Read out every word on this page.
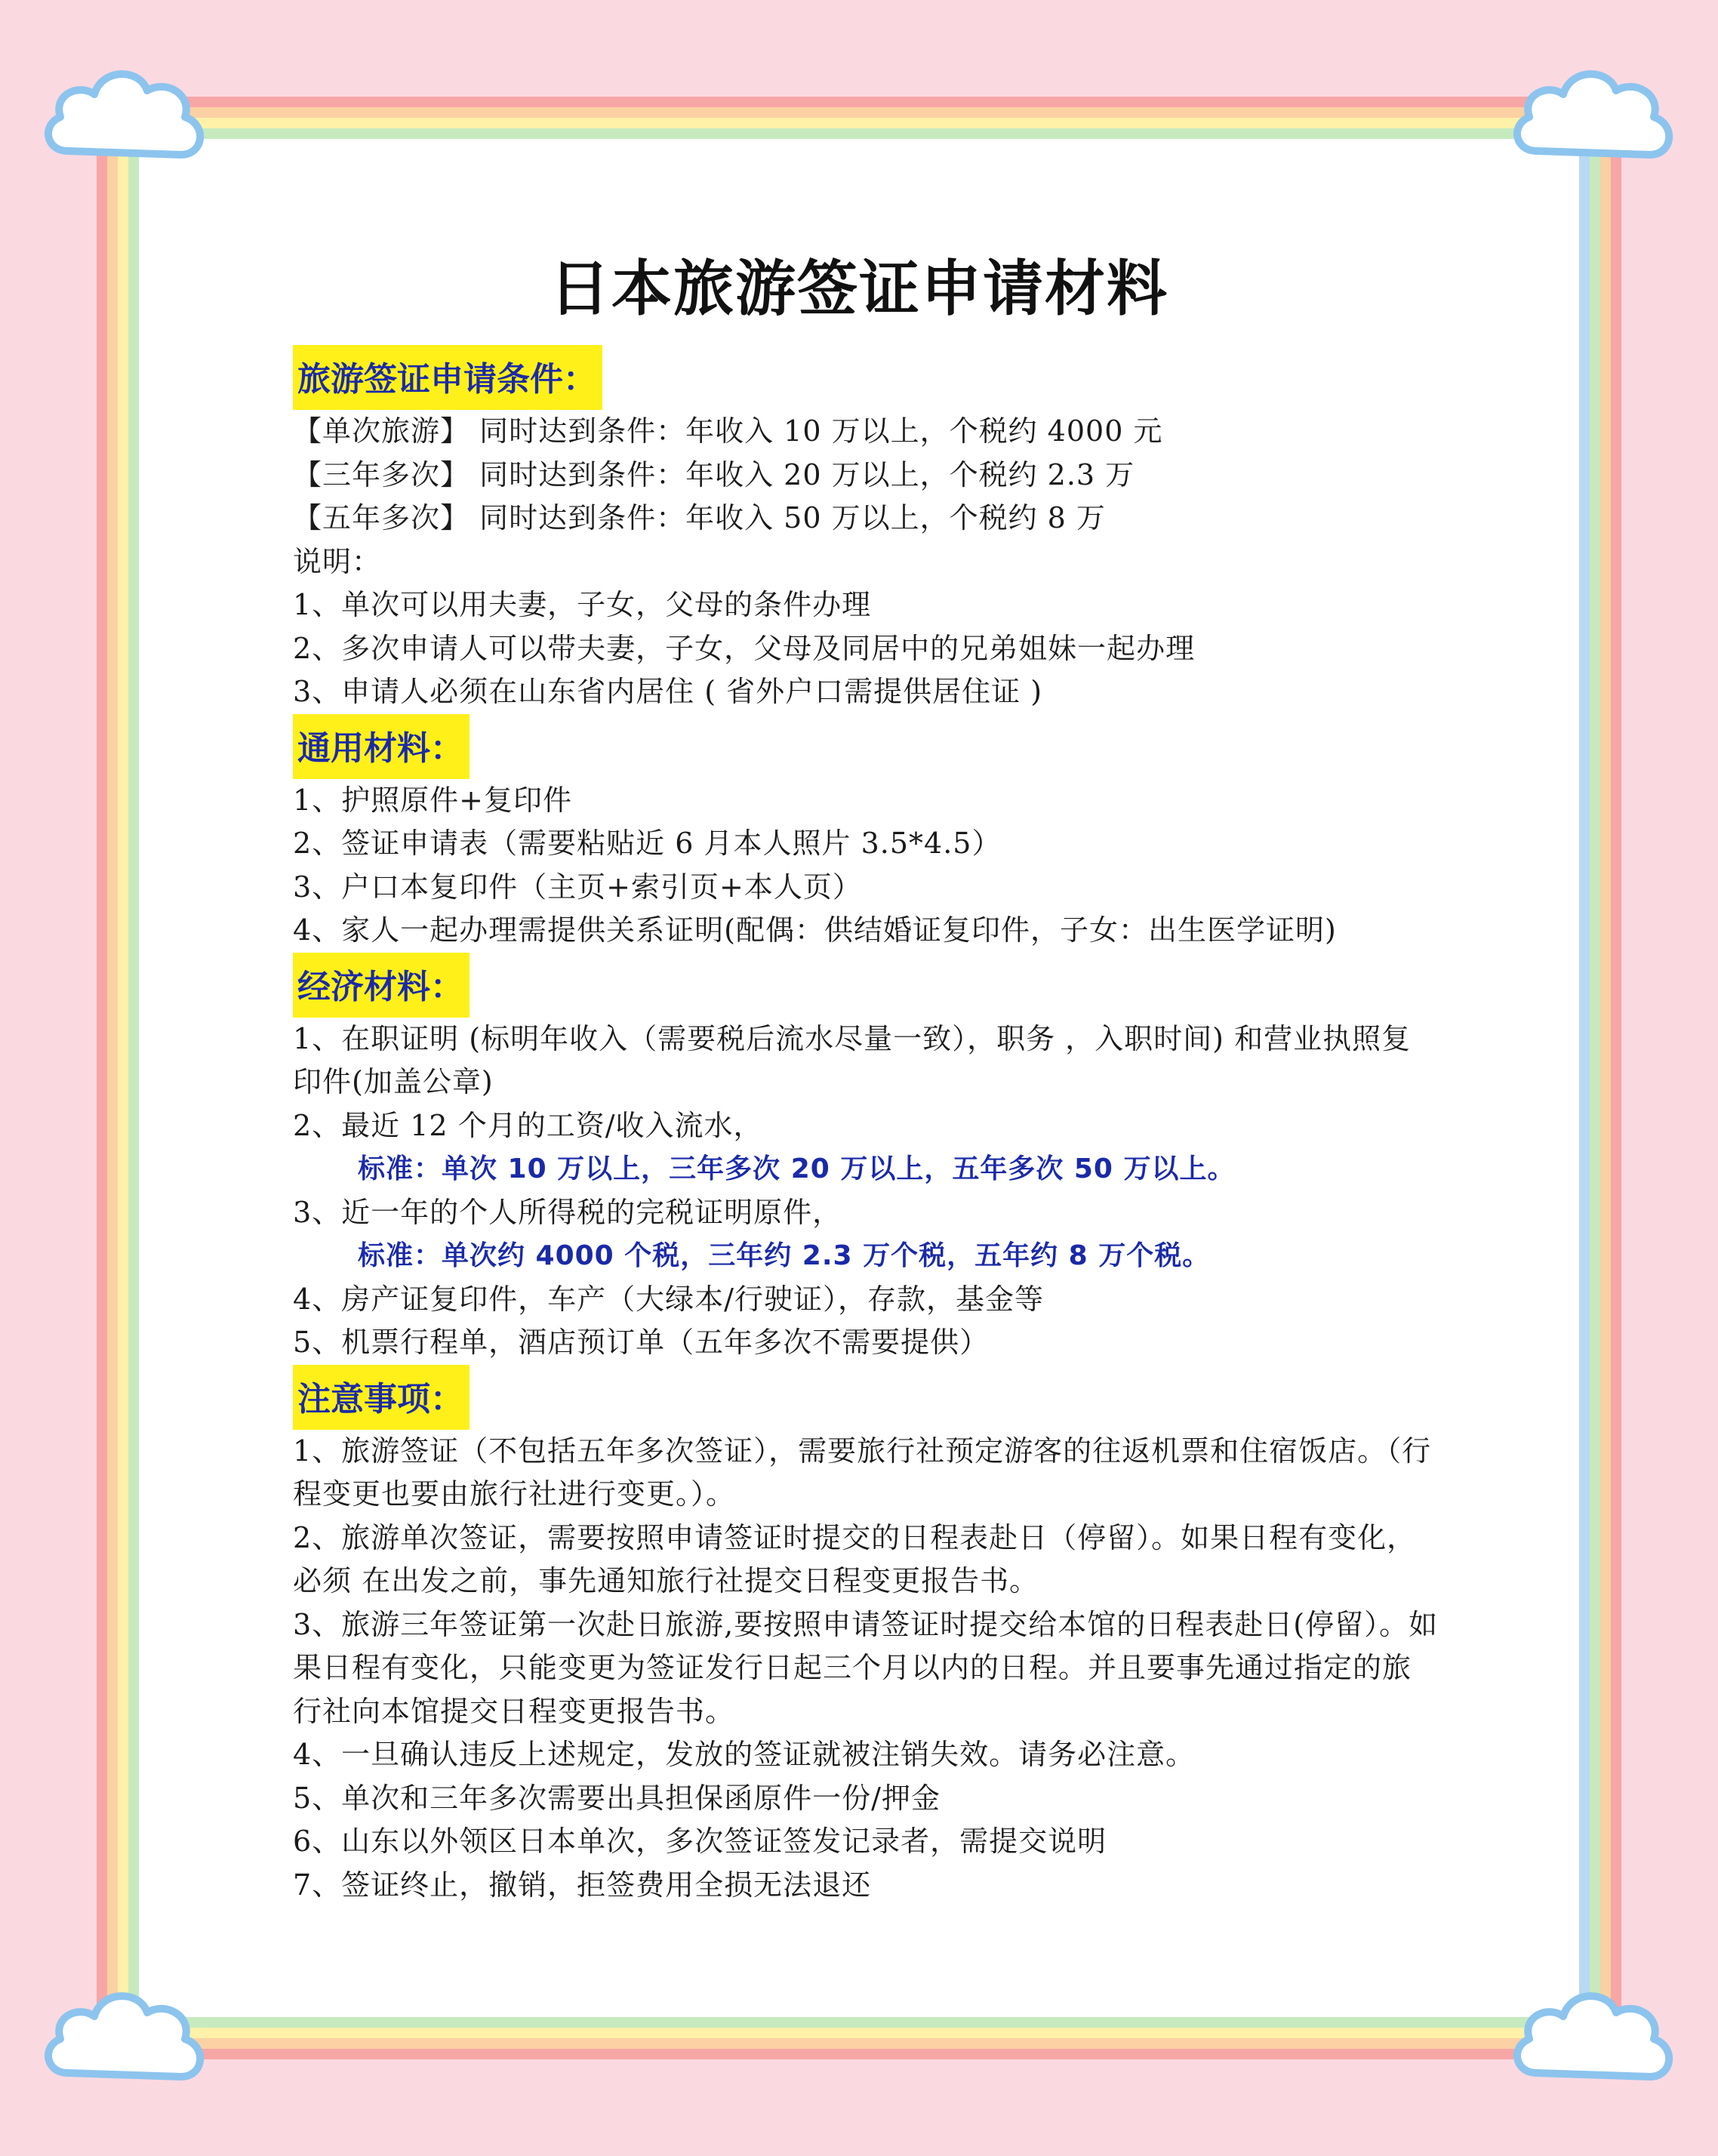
日本旅游签证申请材料
旅游签证申请条件：
【单次旅游】 同时达到条件：年收入 10 万以上，个税约 4000 元
【三年多次】 同时达到条件：年收入 20 万以上，个税约 2.3 万
【五年多次】 同时达到条件：年收入 50 万以上，个税约 8 万
说明：
1、单次可以用夫妻，子女，父母的条件办理
2、多次申请人可以带夫妻，子女，父母及同居中的兄弟姐妹一起办理
3、申请人必须在山东省内居住 ( 省外户口需提供居住证 )
通用材料：
1、护照原件+复印件
2、签证申请表（需要粘贴近 6 月本人照片 3.5*4.5）
3、户口本复印件（主页+索引页+本人页）
4、家人一起办理需提供关系证明(配偶：供结婚证复印件，子女：出生医学证明)
经济材料：
1、在职证明 (标明年收入（需要税后流水尽量一致），职务 ，入职时间) 和营业执照复印件(加盖公章)
2、最近 12 个月的工资/收入流水，
标准：单次 10 万以上，三年多次 20 万以上，五年多次 50 万以上。
3、近一年的个人所得税的完税证明原件，
标准：单次约 4000 个税，三年约 2.3 万个税，五年约 8 万个税。
4、房产证复印件，车产（大绿本/行驶证），存款，基金等
5、机票行程单，酒店预订单（五年多次不需要提供）
注意事项：
1、旅游签证（不包括五年多次签证），需要旅行社预定游客的往返机票和住宿饭店。（行程变更也要由旅行社进行变更。）。
2、旅游单次签证，需要按照申请签证时提交的日程表赴日（停留）。如果日程有变化，必须 在出发之前，事先通知旅行社提交日程变更报告书。
3、旅游三年签证第一次赴日旅游,要按照申请签证时提交给本馆的日程表赴日(停留）。如果日程有变化，只能变更为签证发行日起三个月以内的日程。并且要事先通过指定的旅行社向本馆提交日程变更报告书。
4、一旦确认违反上述规定，发放的签证就被注销失效。请务必注意。
5、单次和三年多次需要出具担保函原件一份/押金
6、山东以外领区日本单次，多次签证签发记录者，需提交说明
7、签证终止，撤销，拒签费用全损无法退还
